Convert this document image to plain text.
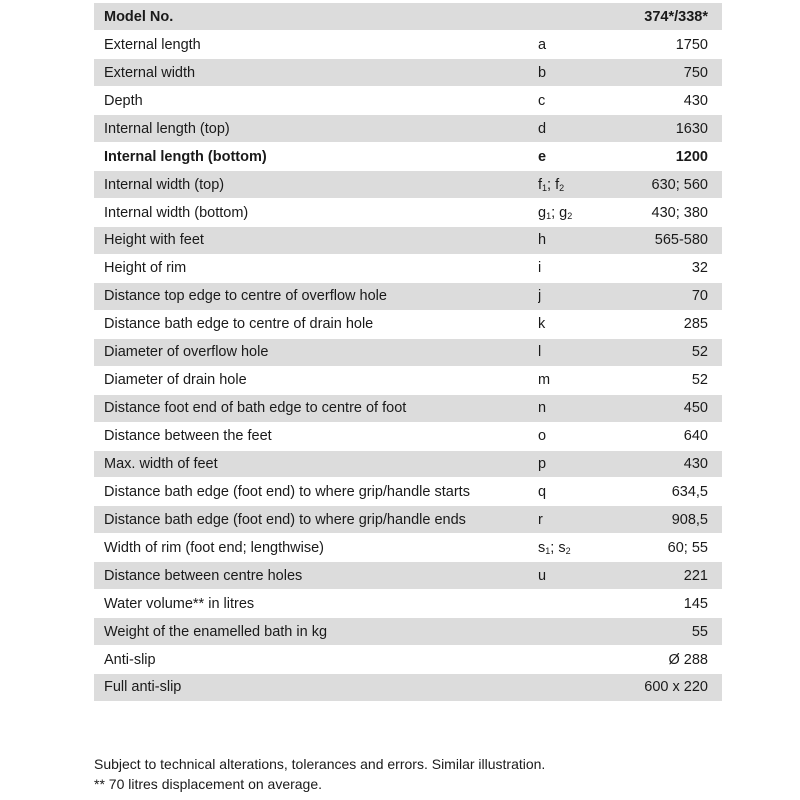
Model No.		374*/338*
External length	a	1750
External width	b	750
Depth	c	430
Internal length (top)	d	1630
Internal length (bottom)	e	1200
Internal width (top)	$f_1$; $f_2$	630; 560
Internal width (bottom)	$g_1$; $g_2$	430; 380
Height with feet	h	565-580
Height of rim	i	32
Distance top edge to centre of overflow hole	j	70
Distance bath edge to centre of drain hole	k	285
Diameter of overflow hole	l	52
Diameter of drain hole	m	52
Distance foot end of bath edge to centre of foot	n	450
Distance between the feet	o	640
Max. width of feet	p	430
Distance bath edge (foot end) to where grip/handle starts	q	634,5
Distance bath edge (foot end) to where grip/handle ends	r	908,5
Width of rim (foot end; lengthwise)	$s_1$; $s_2$	60; 55
Distance between centre holes	u	221
Water volume** in litres		145
Weight of the enamelled bath in kg		55
Anti-slip		Ø 288
Full anti-slip		600 x 220
Subject to technical alterations, tolerances and errors. Similar illustration.
** 70 litres displacement on average.
